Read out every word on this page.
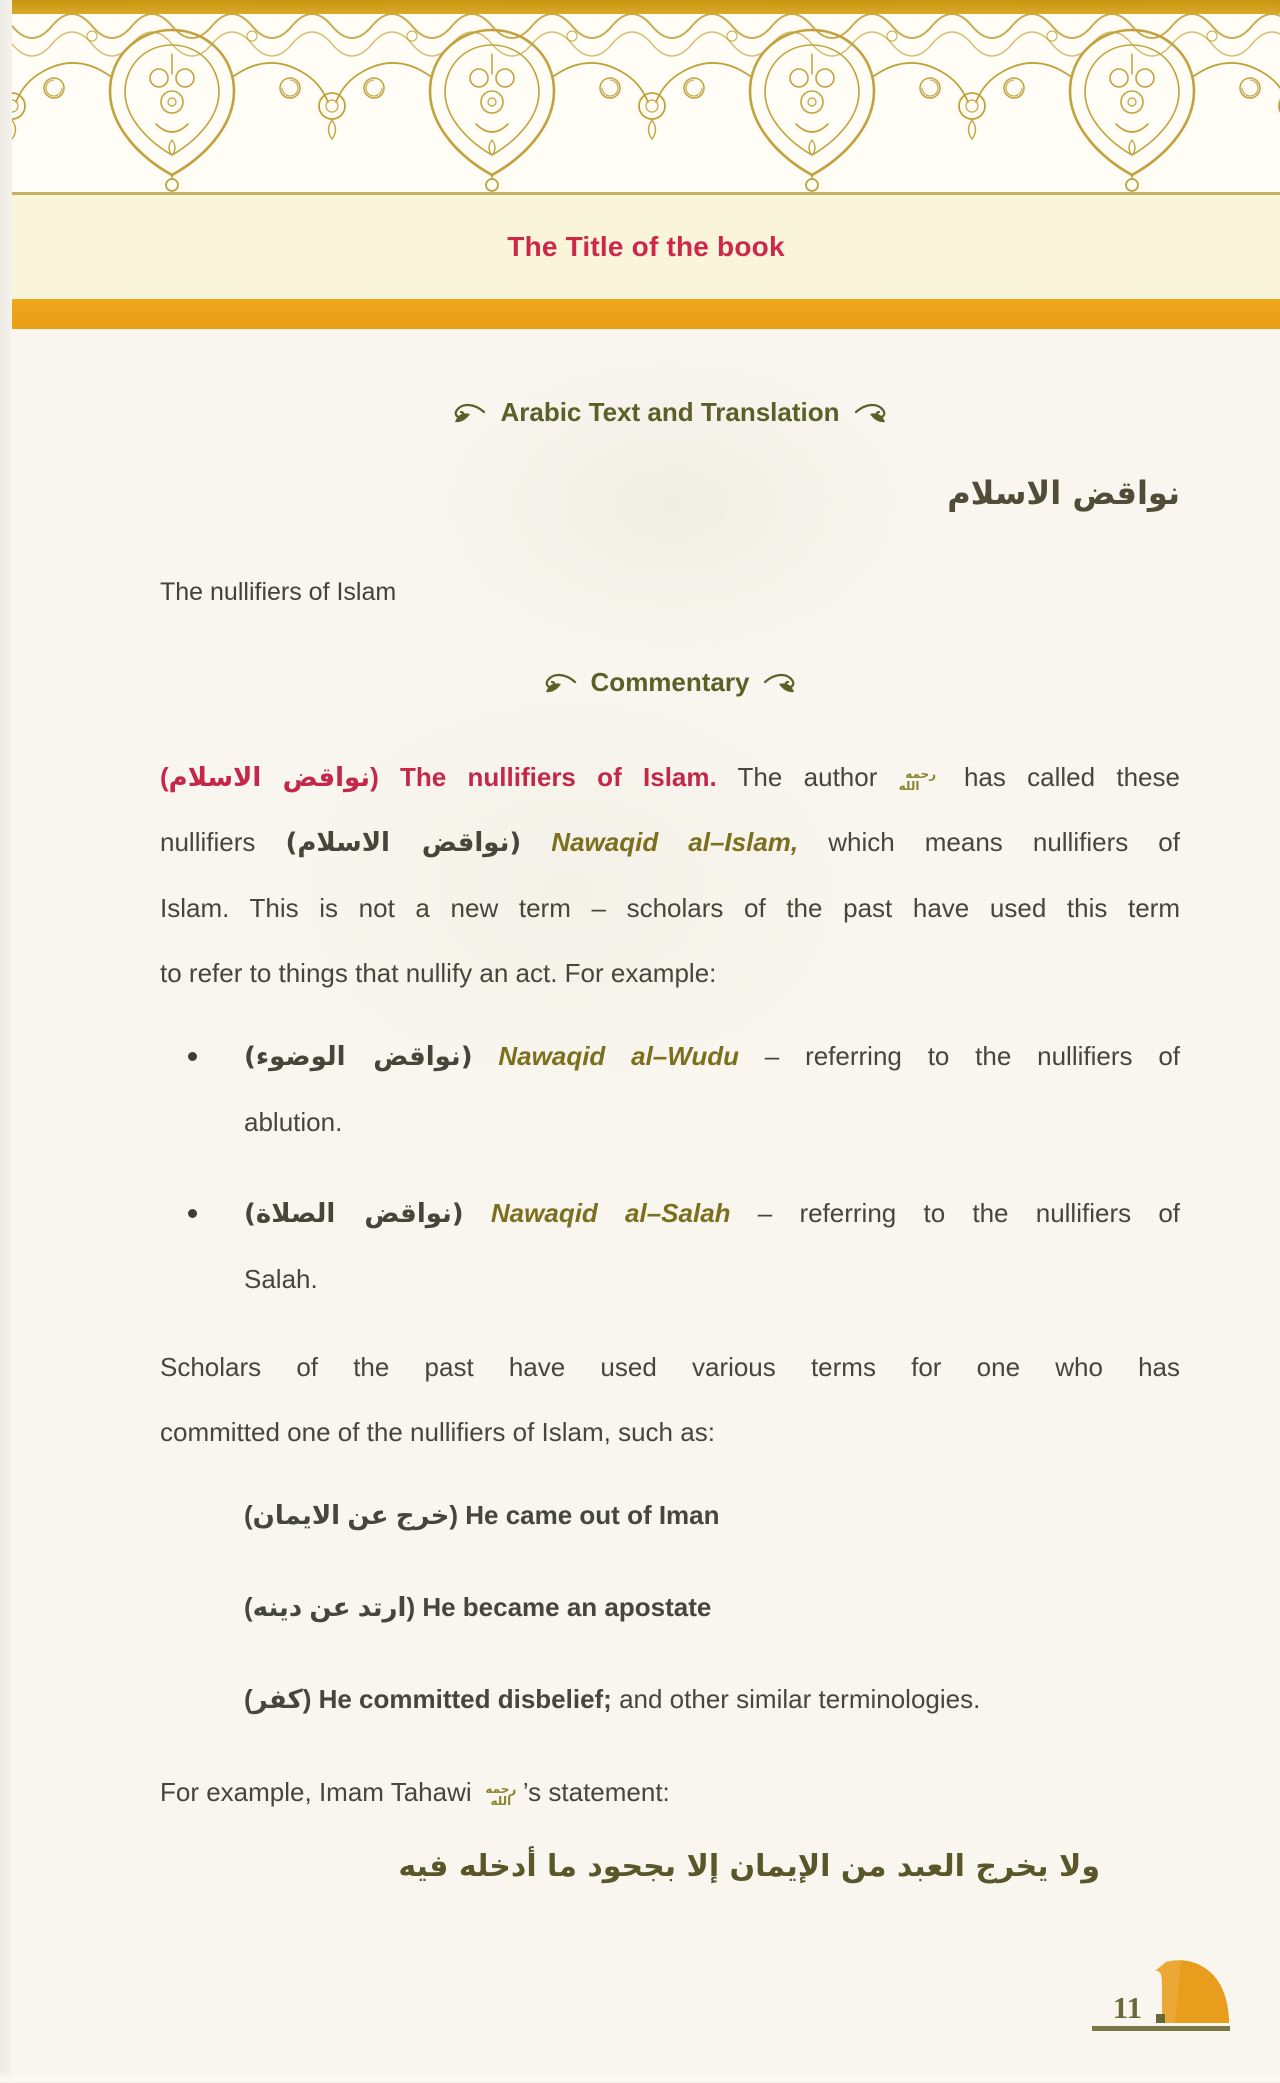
The Title of the book
Arabic Text and Translation
نواقض الاسلام
The nullifiers of Islam
Commentary
(نواقض الاسلام) The nullifiers of Islam. The author رحمه الله has called these
nullifiers (نواقض الاسلام) Nawaqid al–Islam, which means nullifiers of
Islam. This is not a new term – scholars of the past have used this term
to refer to things that nullify an act. For example:
(نواقض الوضوء) Nawaqid al–Wudu – referring to the nullifiers of
ablution.
(نواقض الصلاة) Nawaqid al–Salah – referring to the nullifiers of
Salah.
Scholars of the past have used various terms for one who has
committed one of the nullifiers of Islam, such as:
(خرج عن الايمان) He came out of Iman
(ارتد عن دينه) He became an apostate
(كفر) He committed disbelief; and other similar terminologies.
For example, Imam Tahawi رحمه الله ’s statement:
ولا يخرج العبد من الإيمان إلا بجحود ما أدخله فيه
11
